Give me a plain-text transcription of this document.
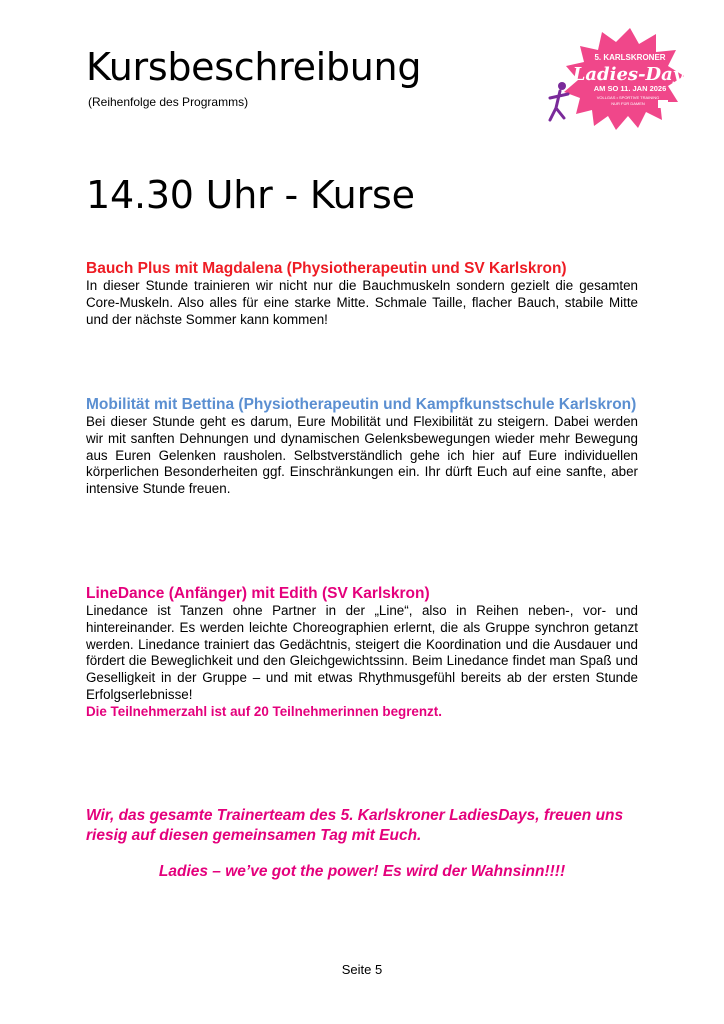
Kursbeschreibung
(Reihenfolge des Programms)
5. KARLSKRONER
Ladies-Day
AM SO 11. JAN 2026
VOLLGAS • SPORTIVE TRAINING
NUR FÜR DAMEN
14.30 Uhr - Kurse

Bauch Plus mit Magdalena (Physiotherapeutin und SV Karlskron)

In dieser Stunde trainieren wir nicht nur die Bauchmuskeln sondern gezielt die gesamten Core-Muskeln. Also alles für eine starke Mitte. Schmale Taille, flacher Bauch, stabile Mitte und der nächste Sommer kann kommen!

Mobilität mit Bettina (Physiotherapeutin und Kampfkunstschule Karlskron)

Bei dieser Stunde geht es darum, Eure Mobilität und Flexibilität zu steigern. Dabei werden wir mit sanften Dehnungen und dynamischen Gelenksbewegungen wieder mehr Bewegung aus Euren Gelenken rausholen. Selbstverständlich gehe ich hier auf Eure individuellen körperlichen Besonderheiten ggf. Einschränkungen ein. Ihr dürft Euch auf eine sanfte, aber intensive Stunde freuen.

LineDance (Anfänger) mit Edith (SV Karlskron)

Linedance ist Tanzen ohne Partner in der „Line“, also in Reihen neben-, vor- und hintereinander. Es werden leichte Choreographien erlernt, die als Gruppe synchron getanzt werden. Linedance trainiert das Gedächtnis, steigert die Koordination und die Ausdauer und fördert die Beweglichkeit und den Gleichgewichtssinn. Beim Linedance findet man Spaß und Geselligkeit in der Gruppe – und mit etwas Rhythmusgefühl bereits ab der ersten Stunde Erfolgserlebnisse!

Die Teilnehmerzahl ist auf 20 Teilnehmerinnen begrenzt.

Wir, das gesamte Trainerteam des 5. Karlskroner LadiesDays, freuen uns riesig auf diesen gemeinsamen Tag mit Euch.

Ladies – we’ve got the power! Es wird der Wahnsinn!!!!

Seite 5
